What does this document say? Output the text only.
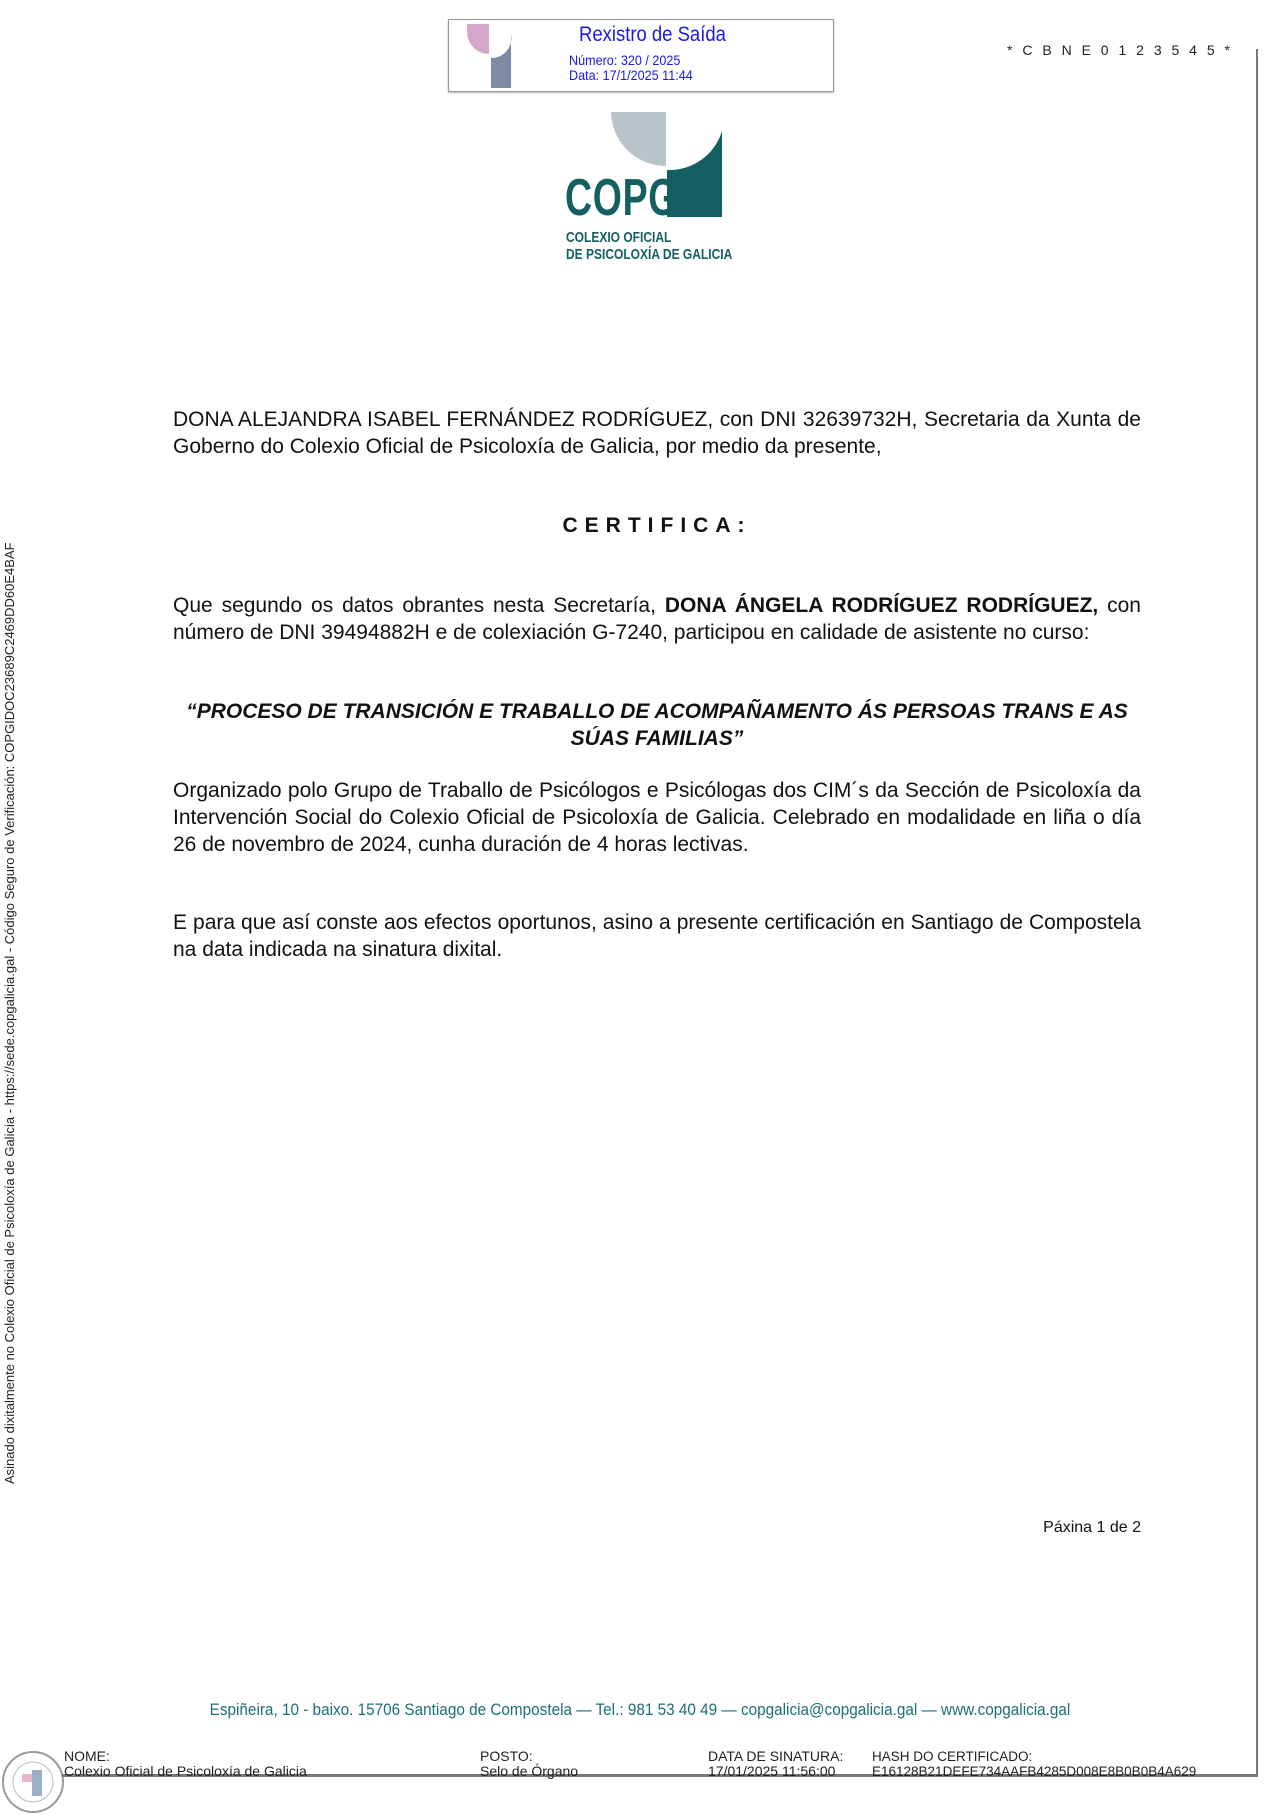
Rexistro de Saída
Número: 320 / 2025
Data: 17/1/2025 11:44
* C B N E 0 1 2 3 5 4 5 *
COPG
COLEXIO OFICIAL
DE PSICOLOXÍA DE GALICIA
DONA ALEJANDRA ISABEL FERNÁNDEZ RODRÍGUEZ, con DNI 32639732H, Secretaria da Xunta de Goberno do Colexio Oficial de Psicoloxía de Galicia, por medio da presente,
CERTIFICA:
Que segundo os datos obrantes nesta Secretaría, DONA ÁNGELA RODRÍGUEZ RODRÍGUEZ, con número de DNI 39494882H e de colexiación G-7240, participou en calidade de asistente no curso:
“PROCESO DE TRANSICIÓN E TRABALLO DE ACOMPAÑAMENTO ÁS PERSOAS TRANS E AS SÚAS FAMILIAS”
Organizado polo Grupo de Traballo de Psicólogos e Psicólogas dos CIM´s da Sección de Psicoloxía da Intervención Social do Colexio Oficial de Psicoloxía de Galicia. Celebrado en modalidade en liña o día 26 de novembro de 2024, cunha duración de 4 horas lectivas.
E para que así conste aos efectos oportunos, asino a presente certificación en Santiago de Compostela na data indicada na sinatura dixital.
Páxina 1 de 2
Espiñeira, 10 - baixo. 15706 Santiago de Compostela — Tel.: 981 53 40 49 — copgalicia@copgalicia.gal — www.copgalicia.gal
Asinado dixitalmente no Colexio Oficial de Psicoloxía de Galicia - https://sede.copgalicia.gal - Código Seguro de Verificación: COPGIDOC23689C2469DD60E4BAF
NOME:
Colexio Oficial de Psicoloxía de Galicia
POSTO:
Selo de Órgano
DATA DE SINATURA:
17/01/2025 11:56:00
HASH DO CERTIFICADO:
E16128B21DEFE734AAFB4285D008E8B0B0B4A629
